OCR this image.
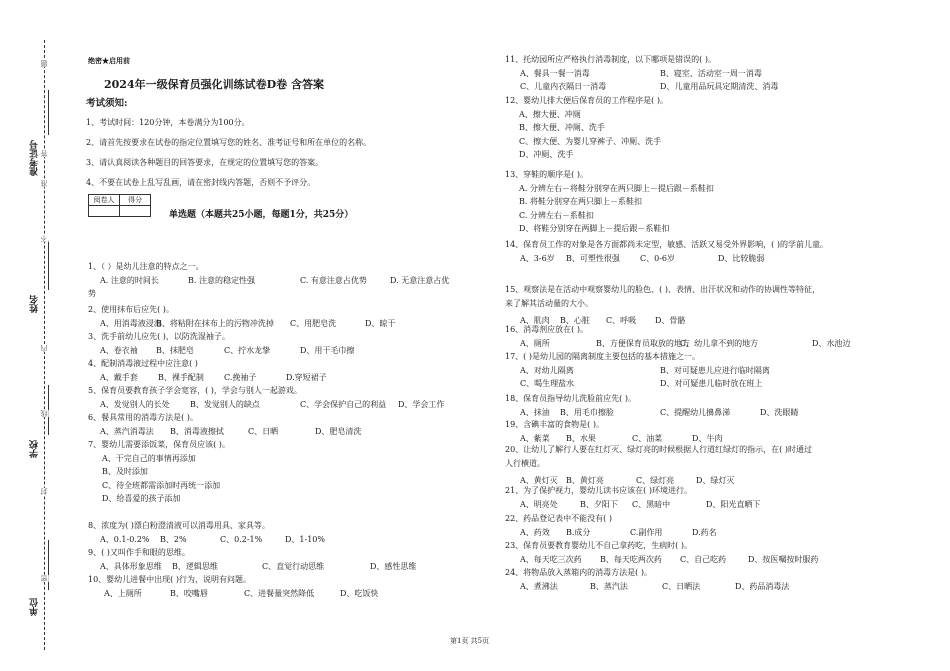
准考证号
姓名
学校
单位
题
答
准
不
内
线
封
密
绝密★启用前
2024年一级保育员强化训练试卷D卷 含答案
考试须知:
1、考试时间：120分钟，本卷满分为100分。
2、请首先按要求在试卷的指定位置填写您的姓名、准考证号和所在单位的名称。
3、请认真阅读各种题目的回答要求，在规定的位置填写您的答案。
4、不要在试卷上乱写乱画，请在密封线内答题，否则不予评分。
阅卷人	得分

单选题（本题共25小题，每题1分，共25分）
1、（ ）是幼儿注意的特点之一。
A. 注意的时间长	B. 注意的稳定性强	C. 有意注意占优势	D. 无意注意占优
势
2、使用抹布后应先( )。
A、用消毒液浸泡
B、将粘附在抹布上的污物冲洗掉 C、用肥皂洗	D、晾干
3、洗手前幼儿应先( )，以防洗湿袖子。
A、卷衣袖 B、抹肥皂	C、拧水龙挚	D、用干毛巾擦
4、配制消毒液过程中应注意( )
A、戴手套	B、裸手配制	C.挽袖子	D.穿短裙子
5、保育员要教育孩子学会宽容，( )，学会与别人一起游戏。
A、发觉别人的长处	B、发觉别人的缺点	C、学会保护自己的利益 D、学会工作
6、餐具常用的消毒方法是( )。
A、蒸汽消毒法 B、消毒液擦拭	C、日晒	D、肥皂清洗
7、婴幼儿需要添饭菜，保育员应该( )。
A、干完自己的事情再添加
B、及时添加
C、待全班都需添加时再统一添加
D、给喜爱的孩子添加
8、浓度为( )漂白粉澄清液可以消毒用具、家具等。
A、0.1-0.2% B、2%	C、0.2-1%	D、1-10%
9、( )又叫作手和眼的思维。
A、具体形象思维 B、逻辑思维	C、直觉行动思维	D、感性思维
10、婴幼儿进餐中出现( )行为，说明有问题。
A、上厕所	B、咬嘴唇	C、进餐量突然降低	D、吃饭快
11、托幼园所应严格执行消毒制度，以下哪项是错误的( )。
A、餐具一餐一消毒	B、寝室、活动室一周一消毒
C、儿童内衣隔日一消毒	D、儿童用品玩具定期清洗、消毒
12、婴幼儿排大便后保育员的工作程序是( )。
A、擦大便、冲厕
B、擦大便、冲厕、洗手
C、擦大便、为婴儿穿裤子、冲厕、洗手
D、冲厕、洗手
13、穿鞋的顺序是( )。
A. 分辨左右－将鞋分别穿在两只脚上－提后跟－系鞋扣
B. 将鞋分别穿在两只脚上－系鞋扣
C. 分辨左右－系鞋扣
D、将鞋分别穿在两脚上－提后跟－系鞋扣
14、保育员工作的对象是各方面都尚未定型，敏感、活跃又易受外界影响，( )的学前儿童。
A、3-6岁 B、可塑性很强	C、0-6岁	D、比较脆弱
15、观察法是在活动中观察婴幼儿的脸色、( )、表情、出汗状况和动作的协调性等特征，
来了解其活动量的大小。
A、肌肉 B、心脏 C、呼吸 D、骨骼
16、消毒剂应放在( )。
A、厕所	B、方便保育员取放的地方
C、幼儿拿不到的地方	D、水池边
17、( )是幼儿园的隔离制度主要包括的基本措施之一。
A、对幼儿隔离	B、对可疑患儿应进行临时隔离
C、喝生理盐水	D、对可疑患儿临时放在班上
18、保育员指导幼儿洗脸前应先( )。
A、抹油 B、用毛巾擦脸	C、提醒幼儿擤鼻涕	D、洗眼睛
19、含碘丰富的食物是( )。
A、紫菜 B、水果	C、油菜	D、牛肉
20、让幼儿了解行人要在红灯灭、绿灯亮的时候根据人行道红绿灯的指示，在( )时通过
人行横道。
A、黄灯灭 B、黄灯亮	C、绿灯亮	D、绿灯灭
21、为了保护视力，婴幼儿读书应该在( )环境进行。
A、明亮处	B、夕阳下 C、黑暗中	D、阳光直晒下
22、药品登记表中不能没有( )
A、药效 B.成分	C.副作用	D.药名
23、保育员要教育婴幼儿不自己拿药吃，生病时( )。
A、每天吃三次药 B、每天吃两次药 C、自己吃药	D、按医嘱按时服药
24、将物品放入蒸箱内的消毒方法是( )。
A、煮沸法	B、蒸汽法	C、日晒法	D、药品消毒法
第1页 共5页
